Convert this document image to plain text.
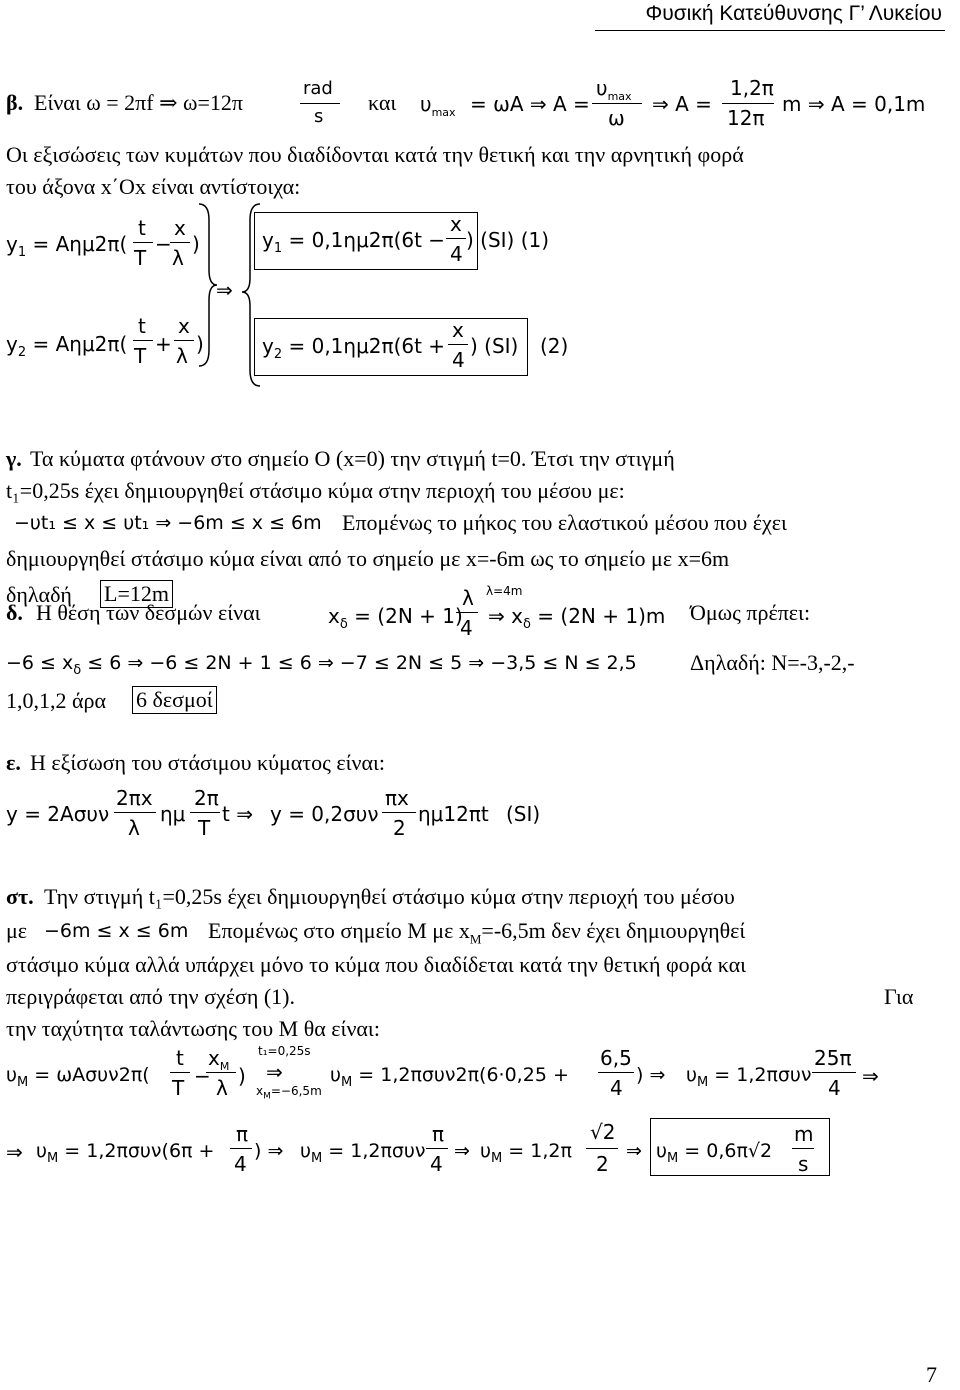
Φυσική Κατεύθυνσης Γ’ Λυκείου
β. Είναι ω = 2πf ⇒ ω=12π
rad
s
και $\upsilon_{max} = \omega A$ ⇒ A =
$\upsilon_{max}$
ω
⇒ A =
1,2π
12π
m ⇒ A = 0,1m
Οι εξισώσεις των κυμάτων που διαδίδονται κατά την θετική και την αρνητική φορά
του άξονα x΄Οx είναι αντίστοιχα:
$y_1 = A\eta\mu 2\pi$(
t
T
−
x
λ
)
⇒
$y_1 = 0,1\eta\mu 2\pi(6t$ −
x
4
) (SI) (1)
$y_2 = A\eta\mu 2\pi$(
t
T +
x
λ )	$y_2 = 0,1\eta\mu 2\pi(6t$ +
x
4
) (SI) (2)
γ. Τα κύματα φτάνουν στο σημείο Ο (x=0) την στιγμή t=0. Έτσι την στιγμή
t₁=0,25s έχει δημιουργηθεί στάσιμο κύμα στην περιοχή του μέσου με:
−υt₁ ≤ x ≤ υt₁ ⇒ −6m ≤ x ≤ 6m Επομένως το μήκος του ελαστικού μέσου που έχει
δημιουργηθεί στάσιμο κύμα είναι από το σημείο με x=-6m ως το σημείο με x=6m
δηλαδή L=12m
δ. Η θέση των δεσμών είναι	$x_\delta = (2N + 1)$
λ
4
λ=4m
⇒ $x_\delta = (2N + 1)m$ Όμως πρέπει:
$-6 \le x_\delta \le 6$ ⇒ −6 ≤ 2N + 1 ≤ 6 ⇒ −7 ≤ 2N ≤ 5 ⇒ −3,5 ≤ N ≤ 2,5 Δηλαδή: N=-3,-2,-
1,0,1,2 άρα 6 δεσμοί
ε. Η εξίσωση του στάσιμου κύματος είναι:
y = 2Aσυν
2πx
λ
ημ
2π
T
t ⇒ y = 0,2συν
πx
2
ημ12πt (SI)
στ. Την στιγμή t₁=0,25s έχει δημιουργηθεί στάσιμο κύμα στην περιοχή του μέσου
με −6m ≤ x ≤ 6m Επομένως στο σημείο Μ με $x_M=-6,5m$ δεν έχει δημιουργηθεί
στάσιμο κύμα αλλά υπάρχει μόνο το κύμα που διαδίδεται κατά την θετική φορά και
περιγράφεται από την σχέση (1).	Για
την ταχύτητα ταλάντωσης του Μ θα είναι:
$\upsilon_M = \omega A\sigma\upsilon\nu 2\pi$(
t
T −
$x_M$
λ )
t₁=0,25s
⇒
$x_M=-6,5m$
$\upsilon_M = 1,2\pi\sigma\upsilon\nu 2\pi(6\cdot 0,25$ +
6,5
4
) ⇒ $\upsilon_M = 1,2\pi\sigma\upsilon\nu$
25π
4 ⇒
⇒ $\upsilon_M = 1,2\pi\sigma\upsilon\nu(6\pi$ +
π
4
) ⇒ $\upsilon_M = 1,2\pi\sigma\upsilon\nu$
π
4
⇒ $\upsilon_M = 1,2\pi$
√2
2
⇒ $\upsilon_M = 0,6\pi√2$
m
s
7
